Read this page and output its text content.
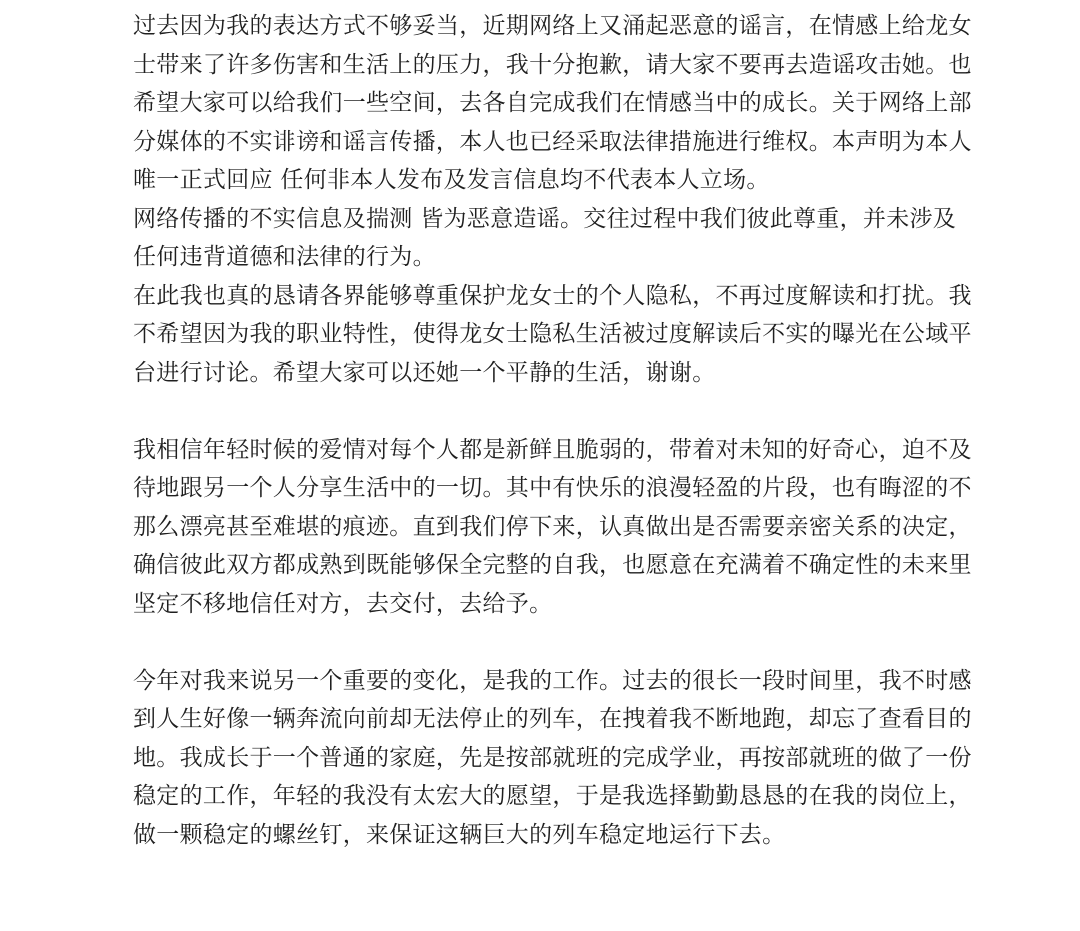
过去因为我的表达方式不够妥当，近期网络上又涌起恶意的谣言，在情感上给龙女
士带来了许多伤害和生活上的压力，我十分抱歉，请大家不要再去造谣攻击她。也
希望大家可以给我们一些空间，去各自完成我们在情感当中的成长。关于网络上部
分媒体的不实诽谤和谣言传播，本人也已经采取法律措施进行维权。本声明为本人
唯一正式回应 任何非本人发布及发言信息均不代表本人立场。
网络传播的不实信息及揣测 皆为恶意造谣。交往过程中我们彼此尊重，并未涉及
任何违背道德和法律的行为。
在此我也真的恳请各界能够尊重保护龙女士的个人隐私，不再过度解读和打扰。我
不希望因为我的职业特性，使得龙女士隐私生活被过度解读后不实的曝光在公域平
台进行讨论。希望大家可以还她一个平静的生活，谢谢。
我相信年轻时候的爱情对每个人都是新鲜且脆弱的，带着对未知的好奇心，迫不及
待地跟另一个人分享生活中的一切。其中有快乐的浪漫轻盈的片段，也有晦涩的不
那么漂亮甚至难堪的痕迹。直到我们停下来，认真做出是否需要亲密关系的决定，
确信彼此双方都成熟到既能够保全完整的自我，也愿意在充满着不确定性的未来里
坚定不移地信任对方，去交付，去给予。
今年对我来说另一个重要的变化，是我的工作。过去的很长一段时间里，我不时感
到人生好像一辆奔流向前却无法停止的列车，在拽着我不断地跑，却忘了查看目的
地。我成长于一个普通的家庭，先是按部就班的完成学业，再按部就班的做了一份
稳定的工作，年轻的我没有太宏大的愿望，于是我选择勤勤恳恳的在我的岗位上，
做一颗稳定的螺丝钉，来保证这辆巨大的列车稳定地运行下去。
